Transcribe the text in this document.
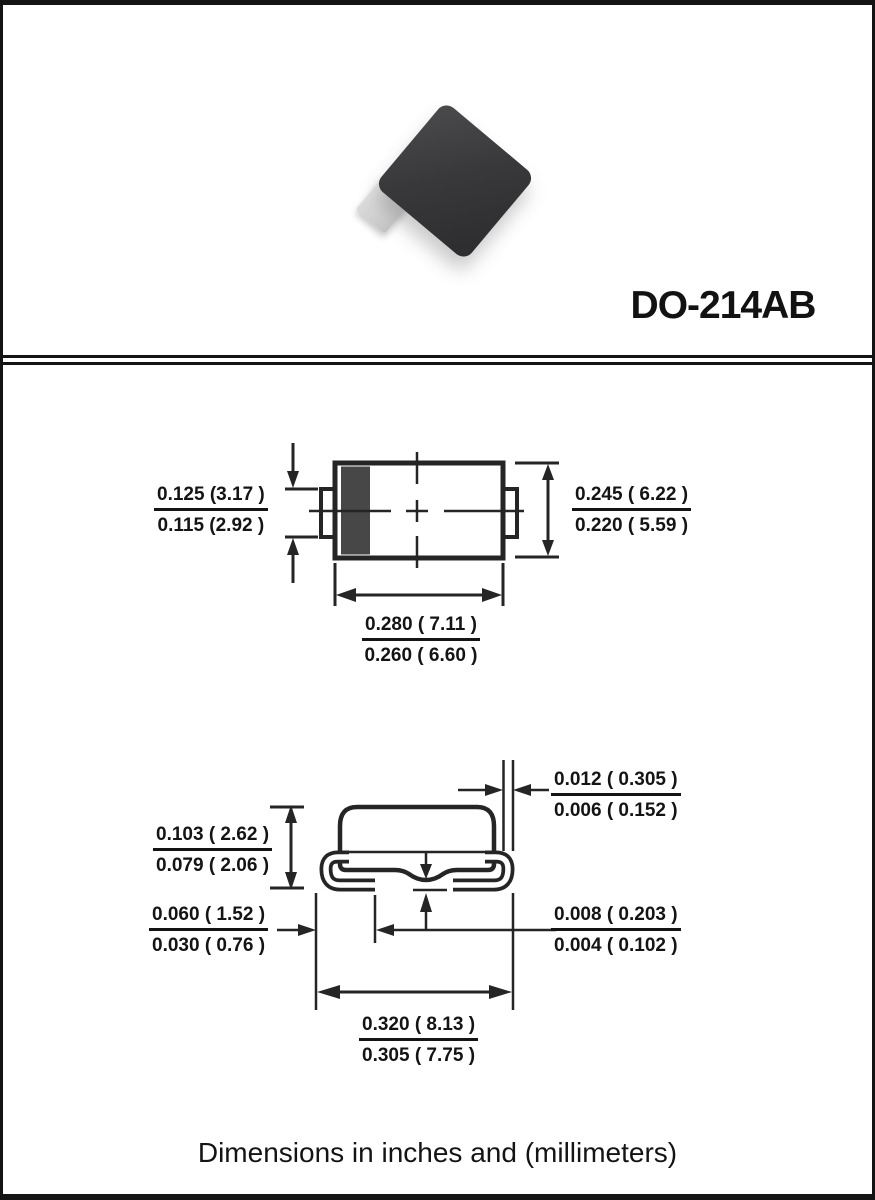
DO-214AB
$\frac{0.125 (3.17 )}{0.115 (2.92 )}$	$\frac{0.245 ( 6.22 )}{0.220 ( 5.59 )}$
$\frac{0.280 ( 7.11 )}{0.260 ( 6.60 )}$
$\frac{0.012 ( 0.305 )}{0.006 ( 0.152 )}$
$\frac{0.103 ( 2.62 )}{0.079 ( 2.06 )}$
$\frac{0.060 ( 1.52 )}{0.030 ( 0.76 )}$	$\frac{0.008 ( 0.203 )}{0.004 ( 0.102 )}$
$\frac{0.320 ( 8.13 )}{0.305 ( 7.75 )}$
Dimensions in inches and (millimeters)
